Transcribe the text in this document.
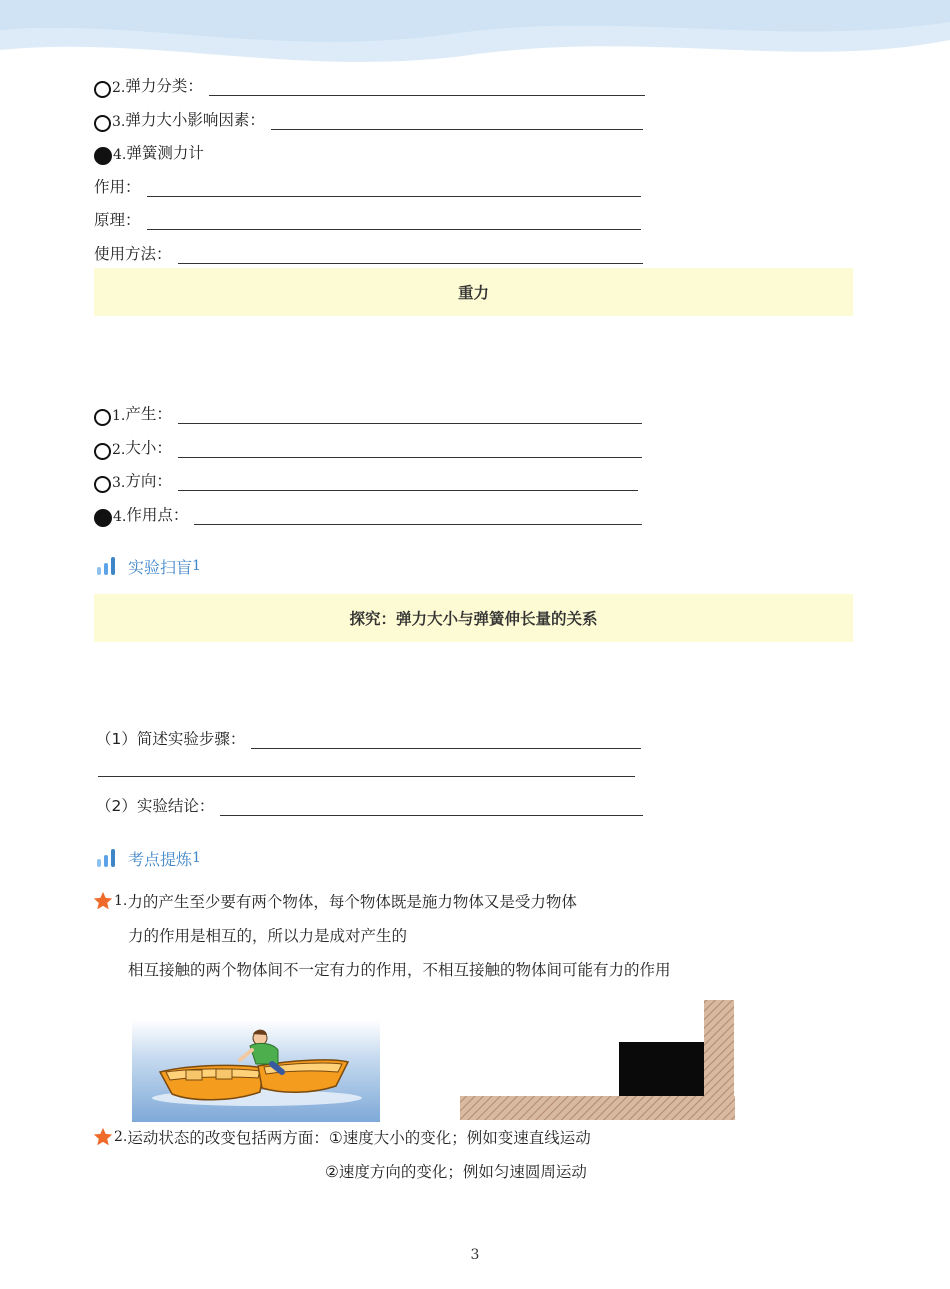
2. 弹力分类：
3. 弹力大小影响因素：
4. 弹簧测力计
作用：
原理：
使用方法：
重力
1. 产生：
2. 大小：
3. 方向：
4. 作用点：
实验扫盲 1
探究：弹力大小与弹簧伸长量的关系
（1）简述实验步骤：
（2）实验结论：
考点提炼 1
1. 力的产生至少要有两个物体，每个物体既是施力物体又是受力物体
力的作用是相互的，所以力是成对产生的
相互接触的两个物体间不一定有力的作用，不相互接触的物体间可能有力的作用
2. 运动状态的改变包括两方面：①速度大小的变化；例如变速直线运动
②速度方向的变化；例如匀速圆周运动
3
